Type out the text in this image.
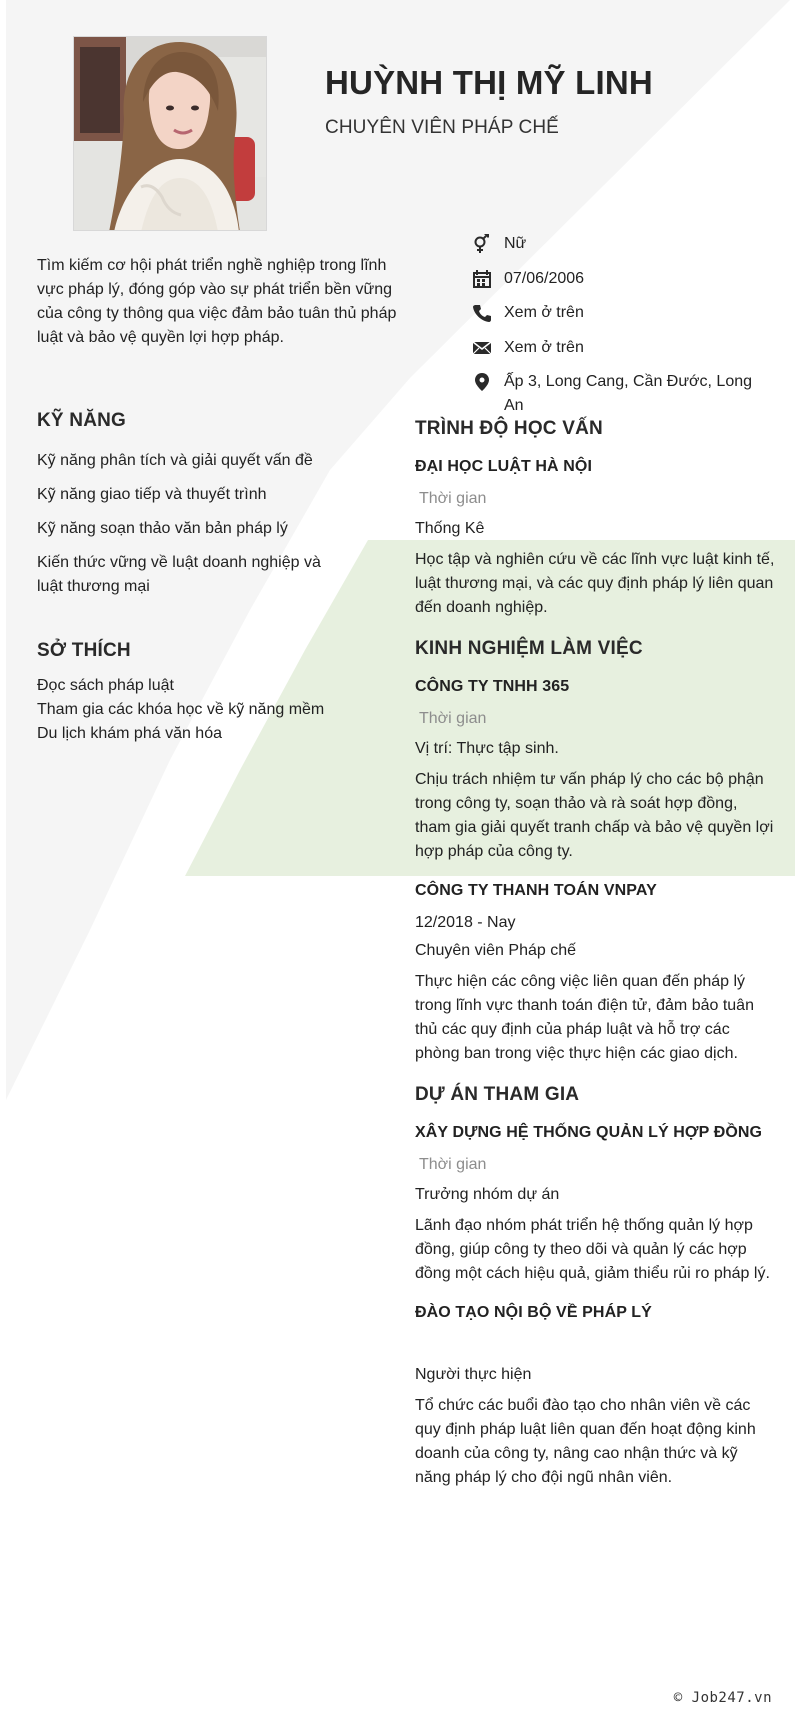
HUỲNH THỊ MỸ LINH
CHUYÊN VIÊN PHÁP CHẾ
Tìm kiếm cơ hội phát triển nghề nghiệp trong lĩnh vực pháp lý, đóng góp vào sự phát triển bền vững của công ty thông qua việc đảm bảo tuân thủ pháp luật và bảo vệ quyền lợi hợp pháp.
Nữ
07/06/2006
Xem ở trên
Xem ở trên
Ấp 3, Long Cang, Cần Đước, Long An
KỸ NĂNG
Kỹ năng phân tích và giải quyết vấn đề
Kỹ năng giao tiếp và thuyết trình
Kỹ năng soạn thảo văn bản pháp lý
Kiến thức vững về luật doanh nghiệp và luật thương mại
SỞ THÍCH
Đọc sách pháp luật
Tham gia các khóa học về kỹ năng mềm
Du lịch khám phá văn hóa
TRÌNH ĐỘ HỌC VẤN
ĐẠI HỌC LUẬT HÀ NỘI
Thời gian
Thống Kê
Học tập và nghiên cứu về các lĩnh vực luật kinh tế, luật thương mại, và các quy định pháp lý liên quan đến doanh nghiệp.
KINH NGHIỆM LÀM VIỆC
CÔNG TY TNHH 365
Thời gian
Vị trí: Thực tập sinh.
Chịu trách nhiệm tư vấn pháp lý cho các bộ phận trong công ty, soạn thảo và rà soát hợp đồng, tham gia giải quyết tranh chấp và bảo vệ quyền lợi hợp pháp của công ty.
CÔNG TY THANH TOÁN VNPAY
12/2018 - Nay
Chuyên viên Pháp chế
Thực hiện các công việc liên quan đến pháp lý trong lĩnh vực thanh toán điện tử, đảm bảo tuân thủ các quy định của pháp luật và hỗ trợ các phòng ban trong việc thực hiện các giao dịch.
DỰ ÁN THAM GIA
XÂY DỰNG HỆ THỐNG QUẢN LÝ HỢP ĐỒNG
Thời gian
Trưởng nhóm dự án
Lãnh đạo nhóm phát triển hệ thống quản lý hợp đồng, giúp công ty theo dõi và quản lý các hợp đồng một cách hiệu quả, giảm thiểu rủi ro pháp lý.
ĐÀO TẠO NỘI BỘ VỀ PHÁP LÝ
Người thực hiện
Tổ chức các buổi đào tạo cho nhân viên về các quy định pháp luật liên quan đến hoạt động kinh doanh của công ty, nâng cao nhận thức và kỹ năng pháp lý cho đội ngũ nhân viên.
© Job247.vn
